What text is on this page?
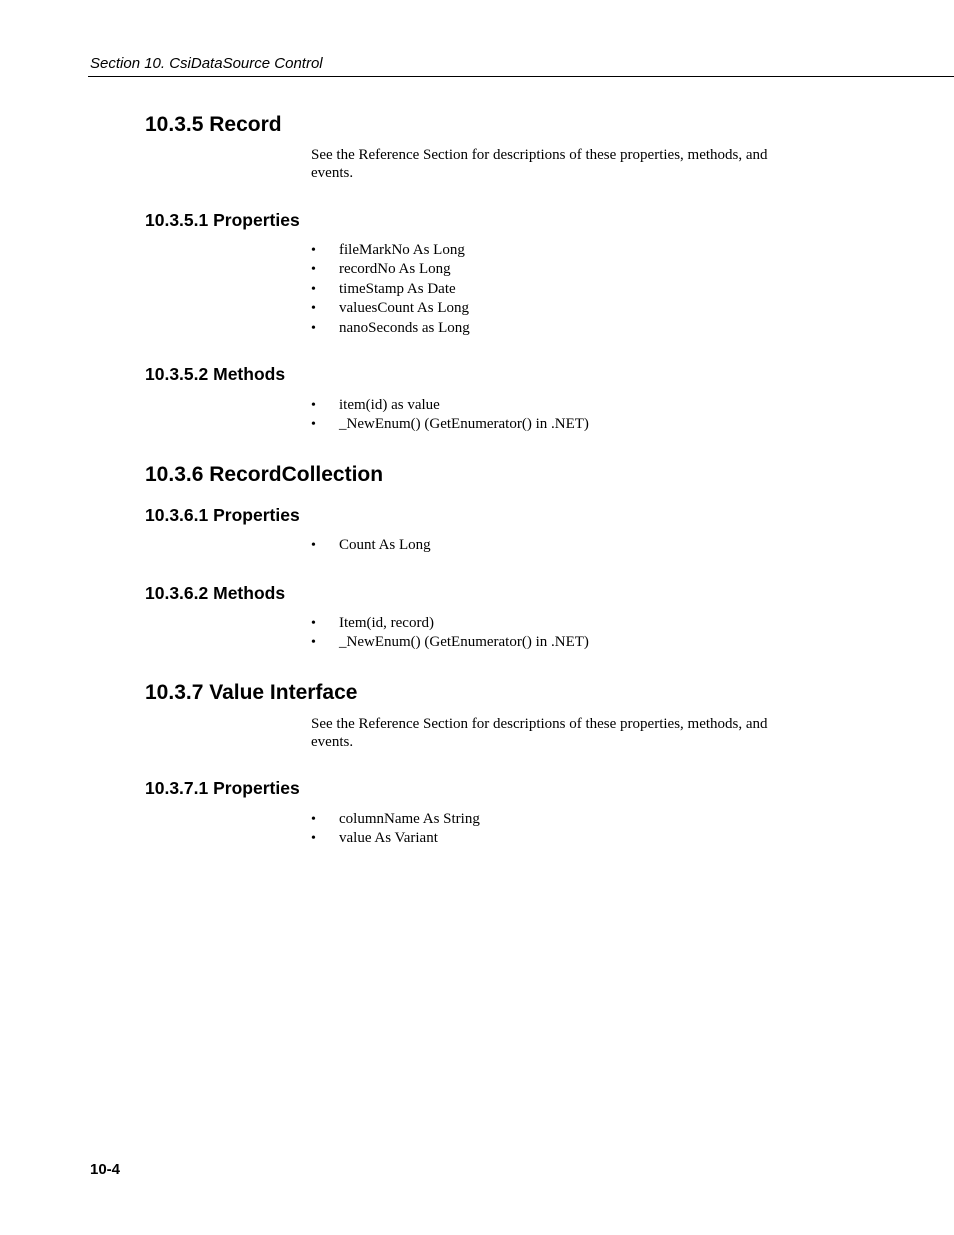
Section 10. CsiDataSource Control
10.3.5 Record

See the Reference Section for descriptions of these properties, methods, and events.

10.3.5.1 Properties
• fileMarkNo As Long
• recordNo As Long
• timeStamp As Date
• valuesCount As Long
• nanoSeconds as Long
10.3.5.2 Methods
• item(id) as value
• _NewEnum() (GetEnumerator() in .NET)
10.3.6 RecordCollection
10.3.6.1 Properties
• Count As Long
10.3.6.2 Methods
• Item(id, record)
• _NewEnum() (GetEnumerator() in .NET)
10.3.7 Value Interface

See the Reference Section for descriptions of these properties, methods, and events.

10.3.7.1 Properties
• columnName As String
• value As Variant
10-4
